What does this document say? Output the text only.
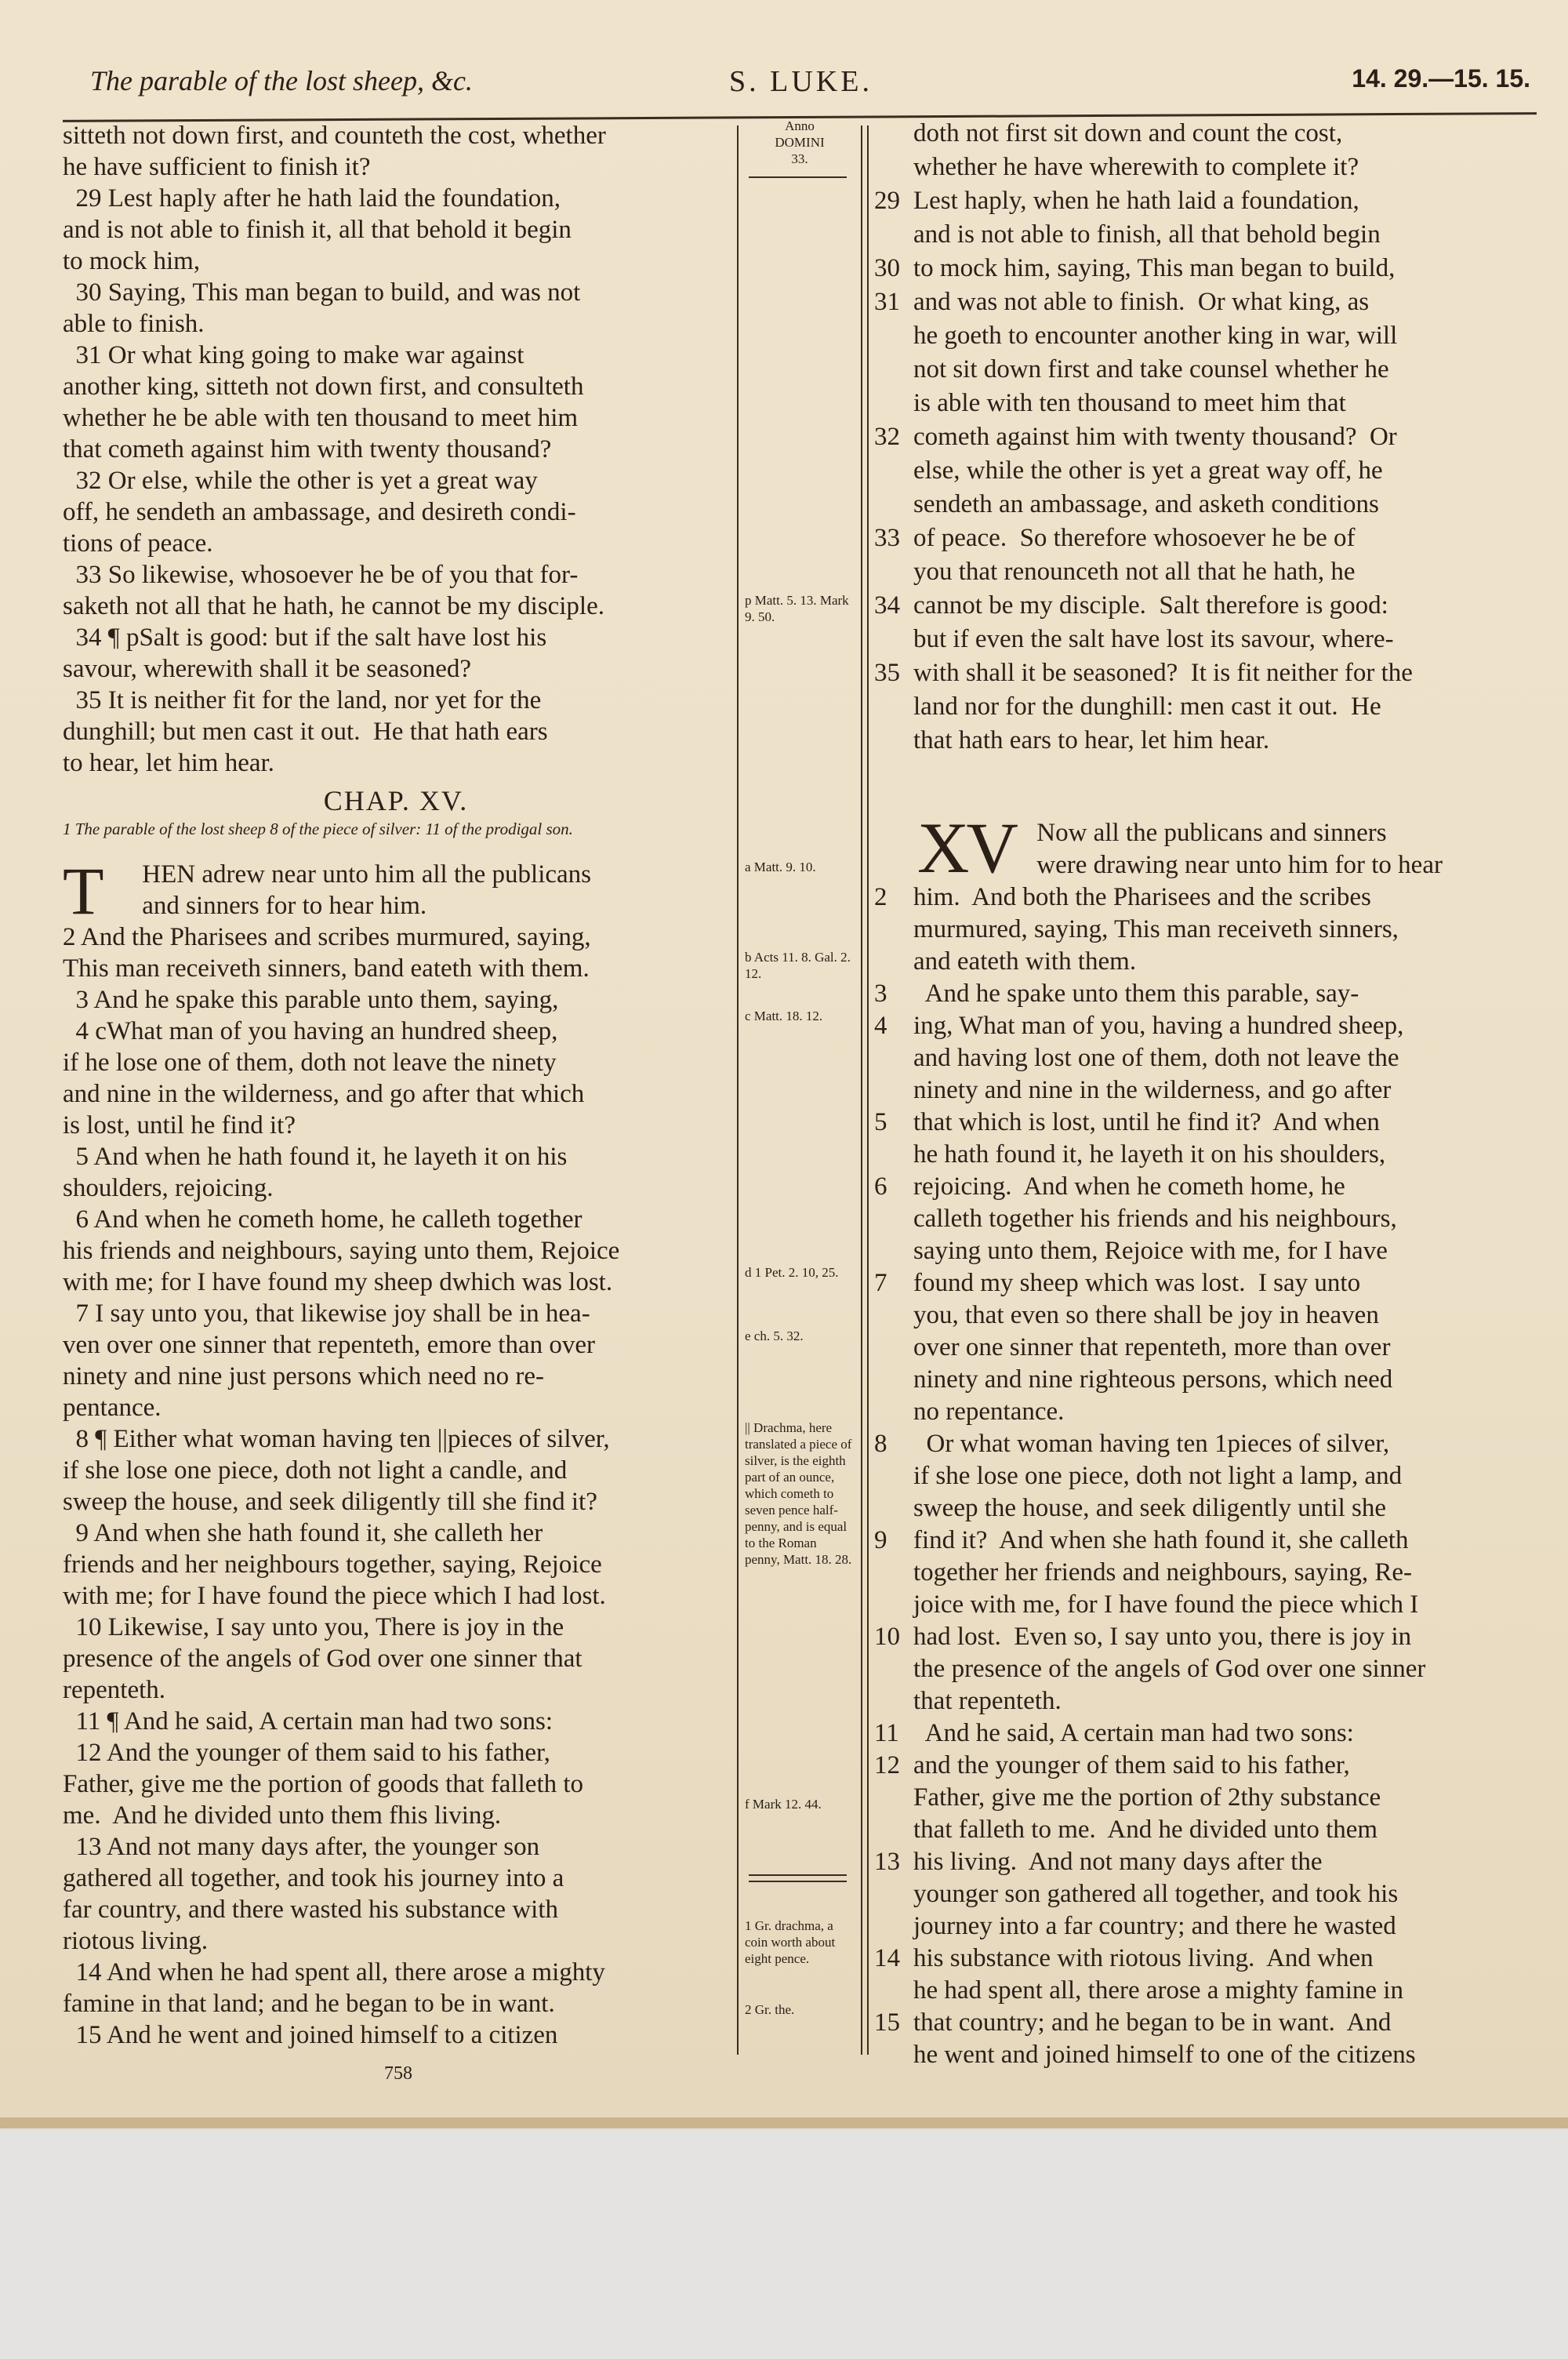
The parable of the lost sheep, &c.	S. LUKE.	14. 29.—15. 15.
Anno
DOMINI
33.
p Matt. 5. 13. Mark 9. 50.
a Matt. 9. 10.
b Acts 11. 8. Gal. 2. 12.
c Matt. 18. 12.
d 1 Pet. 2. 10, 25.
e ch. 5. 32.
|| Drachma, here translated a piece of silver, is the eighth part of an ounce, which cometh to seven pence half-penny, and is equal to the Roman penny, Matt. 18. 28.
f Mark 12. 44.
1 Gr. drachma, a coin worth about eight pence.
2 Gr. the.
CHAP. XV.
1 The parable of the lost sheep 8 of the piece of silver: 11 of the prodigal son.
T
XV
sitteth not down first, and counteth the cost, whether
he have sufficient to finish it?
29 Lest haply after he hath laid the foundation,
and is not able to finish it, all that behold it begin
to mock him,
30 Saying, This man began to build, and was not
able to finish.
31 Or what king going to make war against
another king, sitteth not down first, and consulteth
whether he be able with ten thousand to meet him
that cometh against him with twenty thousand?
32 Or else, while the other is yet a great way
off, he sendeth an ambassage, and desireth condi-
tions of peace.
33 So likewise, whosoever he be of you that for-
saketh not all that he hath, he cannot be my disciple.
34 ¶ pSalt is good: but if the salt have lost his
savour, wherewith shall it be seasoned?
35 It is neither fit for the land, nor yet for the
dunghill; but men cast it out.  He that hath ears
to hear, let him hear.
HEN adrew near unto him all the publicans
and sinners for to hear him.
2 And the Pharisees and scribes murmured, saying,
This man receiveth sinners, band eateth with them.
3 And he spake this parable unto them, saying,
4 cWhat man of you having an hundred sheep,
if he lose one of them, doth not leave the ninety
and nine in the wilderness, and go after that which
is lost, until he find it?
5 And when he hath found it, he layeth it on his
shoulders, rejoicing.
6 And when he cometh home, he calleth together
his friends and neighbours, saying unto them, Rejoice
with me; for I have found my sheep dwhich was lost.
7 I say unto you, that likewise joy shall be in hea-
ven over one sinner that repenteth, emore than over
ninety and nine just persons which need no re-
pentance.
8 ¶ Either what woman having ten ||pieces of silver,
if she lose one piece, doth not light a candle, and
sweep the house, and seek diligently till she find it?
9 And when she hath found it, she calleth her
friends and her neighbours together, saying, Rejoice
with me; for I have found the piece which I had lost.
10 Likewise, I say unto you, There is joy in the
presence of the angels of God over one sinner that
repenteth.
11 ¶ And he said, A certain man had two sons:
12 And the younger of them said to his father,
Father, give me the portion of goods that falleth to
me.  And he divided unto them fhis living.
13 And not many days after, the younger son
gathered all together, and took his journey into a
far country, and there wasted his substance with
riotous living.
14 And when he had spent all, there arose a mighty
famine in that land; and he began to be in want.
15 And he went and joined himself to a citizen
doth not first sit down and count the cost,
whether he have wherewith to complete it?
Lest haply, when he hath laid a foundation,
29
and is not able to finish, all that behold begin
to mock him, saying, This man began to build,
30
and was not able to finish.  Or what king, as
31
he goeth to encounter another king in war, will
not sit down first and take counsel whether he
is able with ten thousand to meet him that
cometh against him with twenty thousand?  Or
32
else, while the other is yet a great way off, he
sendeth an ambassage, and asketh conditions
of peace.  So therefore whosoever he be of
33
you that renounceth not all that he hath, he
cannot be my disciple.  Salt therefore is good:
34
but if even the salt have lost its savour, where-
with shall it be seasoned?  It is fit neither for the
35
land nor for the dunghill: men cast it out.  He
that hath ears to hear, let him hear.
Now all the publicans and sinners
were drawing near unto him for to hear
him.  And both the Pharisees and the scribes
2
murmured, saying, This man receiveth sinners,
and eateth with them.
And he spake unto them this parable, say-
3
ing, What man of you, having a hundred sheep,
4
and having lost one of them, doth not leave the
ninety and nine in the wilderness, and go after
that which is lost, until he find it?  And when
5
he hath found it, he layeth it on his shoulders,
rejoicing.  And when he cometh home, he
6
calleth together his friends and his neighbours,
saying unto them, Rejoice with me, for I have
found my sheep which was lost.  I say unto
7
you, that even so there shall be joy in heaven
over one sinner that repenteth, more than over
ninety and nine righteous persons, which need
no repentance.
Or what woman having ten 1pieces of silver,
8
if she lose one piece, doth not light a lamp, and
sweep the house, and seek diligently until she
find it?  And when she hath found it, she calleth
9
together her friends and neighbours, saying, Re-
joice with me, for I have found the piece which I
had lost.  Even so, I say unto you, there is joy in
10
the presence of the angels of God over one sinner
that repenteth.
And he said, A certain man had two sons:
11
and the younger of them said to his father,
12
Father, give me the portion of 2thy substance
that falleth to me.  And he divided unto them
his living.  And not many days after the
13
younger son gathered all together, and took his
journey into a far country; and there he wasted
his substance with riotous living.  And when
14
he had spent all, there arose a mighty famine in
that country; and he began to be in want.  And
15
he went and joined himself to one of the citizens
758
